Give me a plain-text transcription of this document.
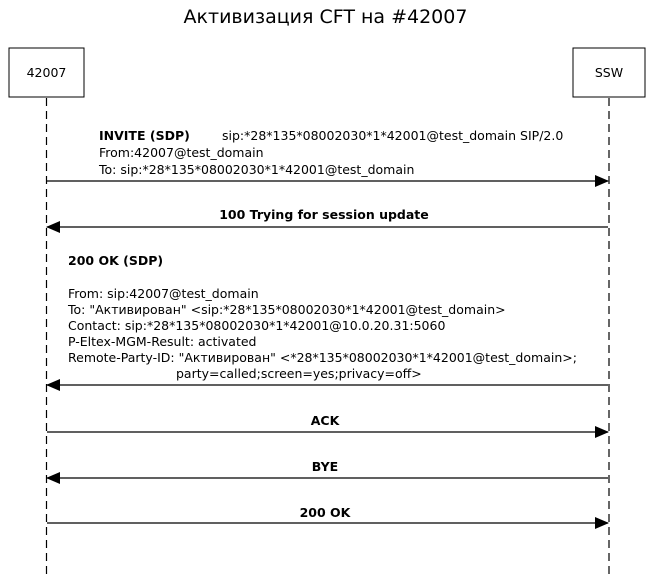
Активизация CFT на #42007
42007	SSW
INVITE (SDP)	sip:*28*135*08002030*1*42001@test_domain SIP/2.0
From:42007@test_domain
To: sip:*28*135*08002030*1*42001@test_domain
100 Trying for session update
200 OK (SDP)
From: sip:42007@test_domain
To: "Активирован" <sip:*28*135*08002030*1*42001@test_domain>
Contact: sip:*28*135*08002030*1*42001@10.0.20.31:5060
P-Eltex-MGM-Result: activated
Remote-Party-ID: "Активирован" <*28*135*08002030*1*42001@test_domain>;
party=called;screen=yes;privacy=off>
ACK
BYE
200 OK
